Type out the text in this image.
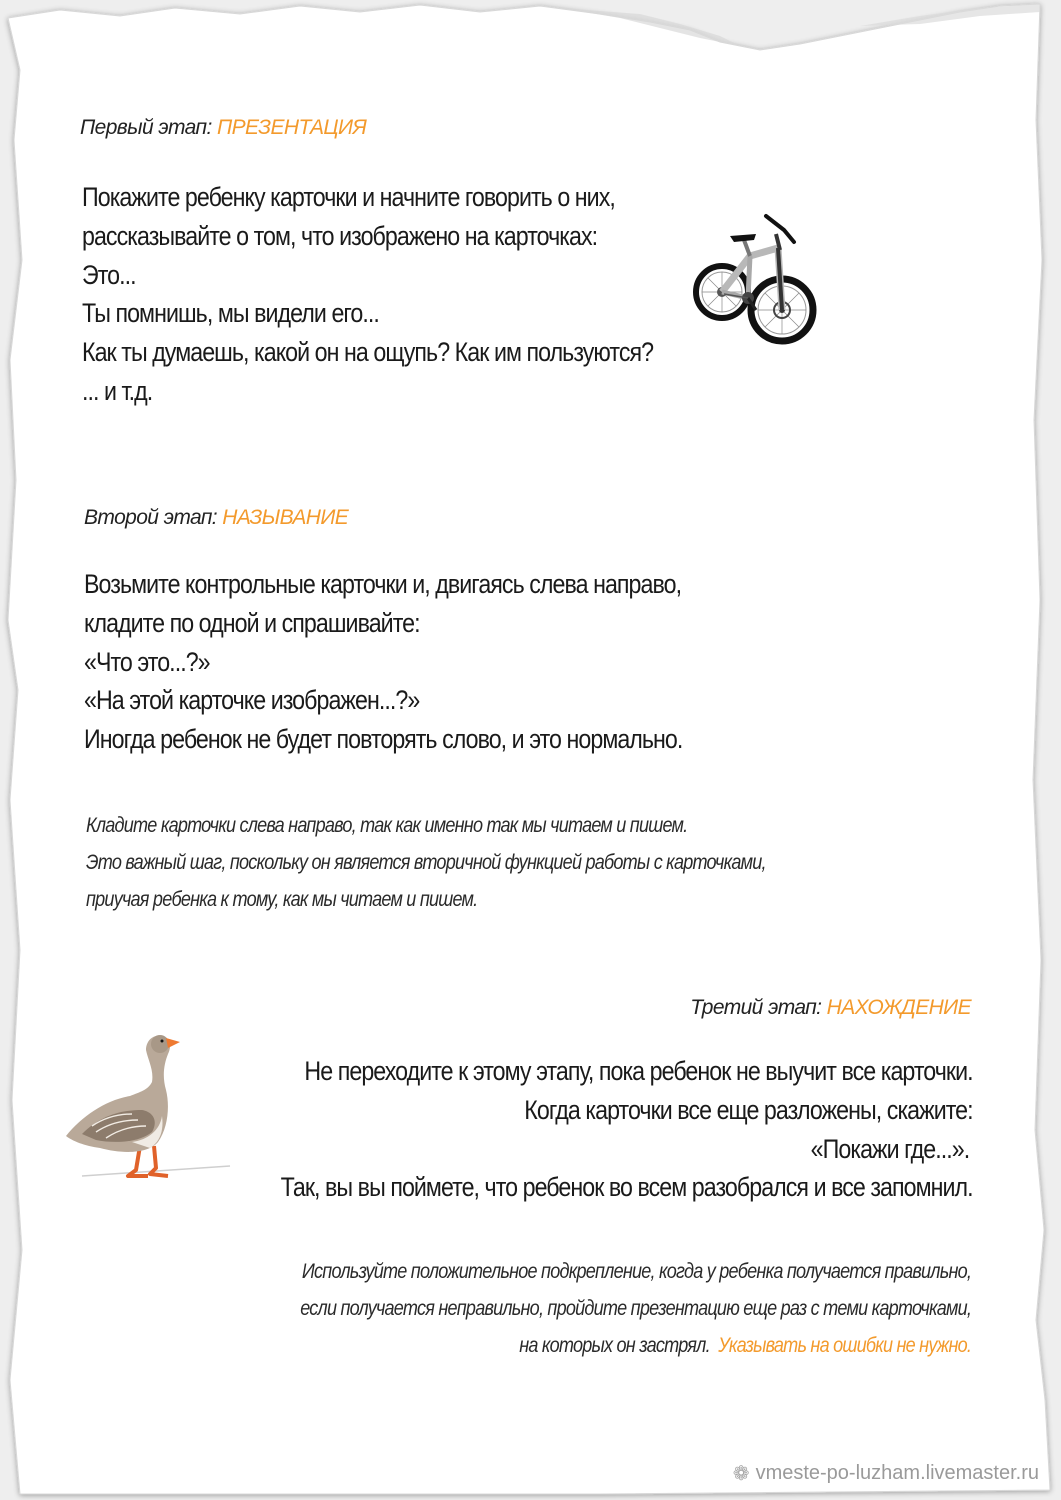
Первый этап: ПРЕЗЕНТАЦИЯ
Покажите ребенку карточки и начните говорить о них,
рассказывайте о том, что изображено на карточках:
Это...
Ты помнишь, мы видели его...
Как ты думаешь, какой он на ощупь? Как им пользуются?
... и т.д.
Второй этап: НАЗЫВАНИЕ
Возьмите контрольные карточки и, двигаясь слева направо,
кладите по одной и спрашивайте:
«Что это...?»
«На этой карточке изображен...?»
Иногда ребенок не будет повторять слово, и это нормально.
Кладите карточки слева направо, так как именно так мы читаем и пишем.
Это важный шаг, поскольку он является вторичной функцией работы с карточками,
приучая ребенка к тому, как мы читаем и пишем.
Третий этап: НАХОЖДЕНИЕ
Не переходите к этому этапу, пока ребенок не выучит все карточки.
Когда карточки все еще разложены, скажите:
«Покажи где...».
Так, вы вы поймете, что ребенок во всем разобрался и все запомнил.
Используйте положительное подкрепление, когда у ребенка получается правильно,
если получается неправильно, пройдите презентацию еще раз с теми карточками,
на которых он застрял. Указывать на ошибки не нужно.
❁ vmeste-po-luzham.livemaster.ru
